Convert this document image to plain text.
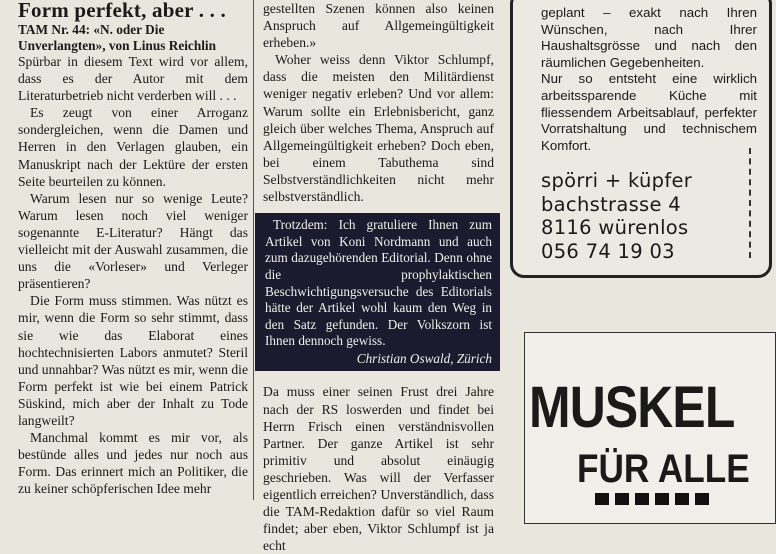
Form perfekt, aber . . .
TAM Nr. 44: «N. oder Die Unverlangten», von Linus Reichlin

Spürbar in diesem Text wird vor allem, dass es der Autor mit dem Literaturbetrieb nicht verderben will . . .

Es zeugt von einer Arroganz sondergleichen, wenn die Damen und Herren in den Verlagen glauben, ein Manuskript nach der Lektüre der ersten Seite beurteilen zu können.

Warum lesen nur so wenige Leute? Warum lesen noch viel weniger sogenannte E-Literatur? Hängt das vielleicht mit der Auswahl zusammen, die uns die «Vorleser» und Verleger präsentieren?

Die Form muss stimmen. Was nützt es mir, wenn die Form so sehr stimmt, dass sie wie das Elaborat eines hochtechnisierten Labors anmutet? Steril und unnahbar? Was nützt es mir, wenn die Form perfekt ist wie bei einem Patrick Süskind, mich aber der Inhalt zu Tode langweilt?

Manchmal kommt es mir vor, als bestünde alles und jedes nur noch aus Form. Das erinnert mich an Politiker, die zu keiner schöpferischen Idee mehr

gestellten Szenen können also keinen Anspruch auf Allgemeingültigkeit erheben.»

Woher weiss denn Viktor Schlumpf, dass die meisten den Militärdienst weniger negativ erleben? Und vor allem: Warum sollte ein Erlebnisbericht, ganz gleich über welches Thema, Anspruch auf Allgemeingültigkeit erheben? Doch eben, bei einem Tabuthema sind Selbstverständlichkeiten nicht mehr selbstverständlich.

Trotzdem: Ich gratuliere Ihnen zum Artikel von Koni Nordmann und auch zum dazugehörenden Editorial. Denn ohne die prophylaktischen Beschwichtigungsversuche des Editorials hätte der Artikel wohl kaum den Weg in den Satz gefunden. Der Volkszorn ist Ihnen dennoch gewiss.

Christian Oswald, Zürich

Da muss einer seinen Frust drei Jahre nach der RS loswerden und findet bei Herrn Frisch einen verständnisvollen Partner. Der ganze Artikel ist sehr primitiv und absolut einäugig geschrieben. Was will der Verfasser eigentlich erreichen? Unverständlich, dass die TAM-Redaktion dafür so viel Raum findet; aber eben, Viktor Schlumpf ist ja echt

geplant – exakt nach Ihren Wünschen, nach Ihrer Haushaltsgrösse und nach den räumlichen Gegebenheiten.

Nur so entsteht eine wirklich arbeitssparende Küche mit fliessendem Arbeitsablauf, perfekter Vorratshaltung und technischem Komfort.

spörri + küpfer
bachstrasse 4
8116 würenlos
056 74 19 03
MUSKEL
FÜR ALLE
